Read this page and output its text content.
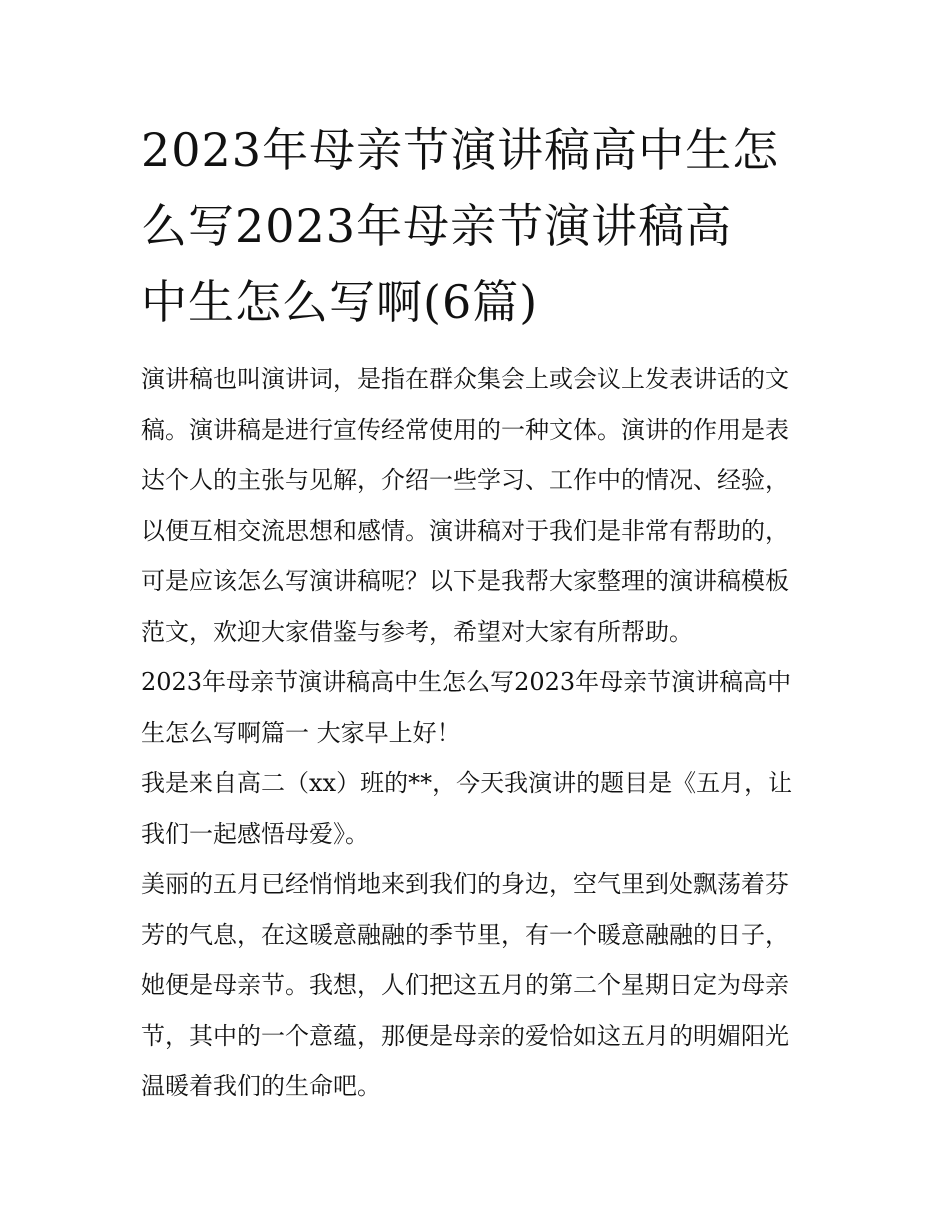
2023年母亲节演讲稿高中生怎
么写2023年母亲节演讲稿高
中生怎么写啊(6篇)
演讲稿也叫演讲词，是指在群众集会上或会议上发表讲话的文
稿。演讲稿是进行宣传经常使用的一种文体。演讲的作用是表
达个人的主张与见解，介绍一些学习、工作中的情况、经验，
以便互相交流思想和感情。演讲稿对于我们是非常有帮助的，
可是应该怎么写演讲稿呢？以下是我帮大家整理的演讲稿模板
范文，欢迎大家借鉴与参考，希望对大家有所帮助。
2023年母亲节演讲稿高中生怎么写2023年母亲节演讲稿高中
生怎么写啊篇一 大家早上好！
我是来自高二（xx）班的**，今天我演讲的题目是《五月，让
我们一起感悟母爱》。
美丽的五月已经悄悄地来到我们的身边，空气里到处飘荡着芬
芳的气息，在这暖意融融的季节里，有一个暖意融融的日子，
她便是母亲节。我想，人们把这五月的第二个星期日定为母亲
节，其中的一个意蕴，那便是母亲的爱恰如这五月的明媚阳光
温暖着我们的生命吧。
